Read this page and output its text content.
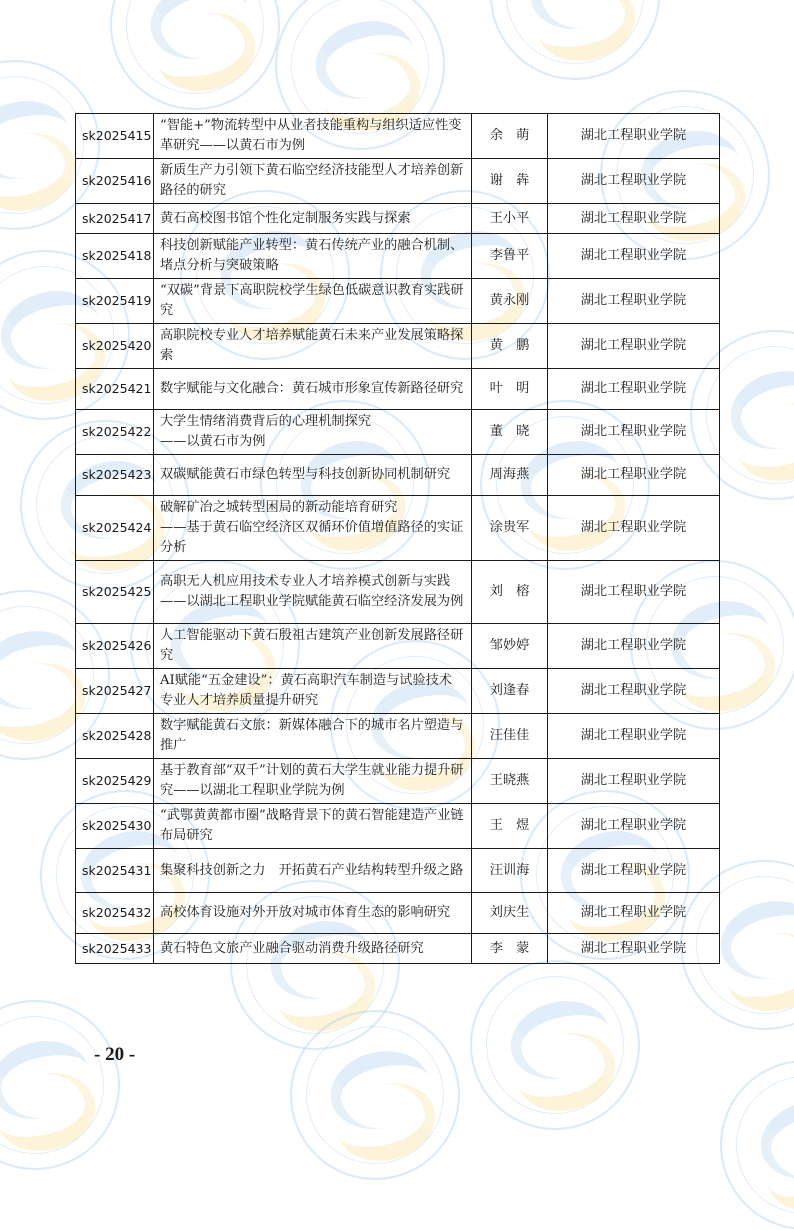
sk2025415	“智能+”物流转型中从业者技能重构与组织适应性变革研究——以黄石市为例	余　萌	湖北工程职业学院
sk2025416	新质生产力引领下黄石临空经济技能型人才培养创新路径的研究	谢　犇	湖北工程职业学院
sk2025417	黄石高校图书馆个性化定制服务实践与探索	王小平	湖北工程职业学院
sk2025418	科技创新赋能产业转型：黄石传统产业的融合机制、堵点分析与突破策略	李鲁平	湖北工程职业学院
sk2025419	“双碳”背景下高职院校学生绿色低碳意识教育实践研究	黄永刚	湖北工程职业学院
sk2025420	高职院校专业人才培养赋能黄石未来产业发展策略探索	黄　鹏	湖北工程职业学院
sk2025421	数字赋能与文化融合：黄石城市形象宣传新路径研究	叶　明	湖北工程职业学院
sk2025422	大学生情绪消费背后的心理机制探究
——以黄石市为例	董　晓	湖北工程职业学院
sk2025423	双碳赋能黄石市绿色转型与科技创新协同机制研究	周海燕	湖北工程职业学院
sk2025424	破解矿冶之城转型困局的新动能培育研究
——基于黄石临空经济区双循环价值增值路径的实证分析	涂贵军	湖北工程职业学院
sk2025425	高职无人机应用技术专业人才培养模式创新与实践——以湖北工程职业学院赋能黄石临空经济发展为例	刘　榕	湖北工程职业学院
sk2025426	人工智能驱动下黄石殷祖古建筑产业创新发展路径研究	邹妙婷	湖北工程职业学院
sk2025427	AI赋能“五金建设”：黄石高职汽车制造与试验技术专业人才培养质量提升研究	刘逢春	湖北工程职业学院
sk2025428	数字赋能黄石文旅：新媒体融合下的城市名片塑造与推广	汪佳佳	湖北工程职业学院
sk2025429	基于教育部“双千”计划的黄石大学生就业能力提升研究——以湖北工程职业学院为例	王晓燕	湖北工程职业学院
sk2025430	“武鄂黄黄都市圈”战略背景下的黄石智能建造产业链布局研究	王　煜	湖北工程职业学院
sk2025431	集聚科技创新之力　开拓黄石产业结构转型升级之路	汪训海	湖北工程职业学院
sk2025432	高校体育设施对外开放对城市体育生态的影响研究	刘庆生	湖北工程职业学院
sk2025433	黄石特色文旅产业融合驱动消费升级路径研究	李　蒙	湖北工程职业学院
- 20 -
